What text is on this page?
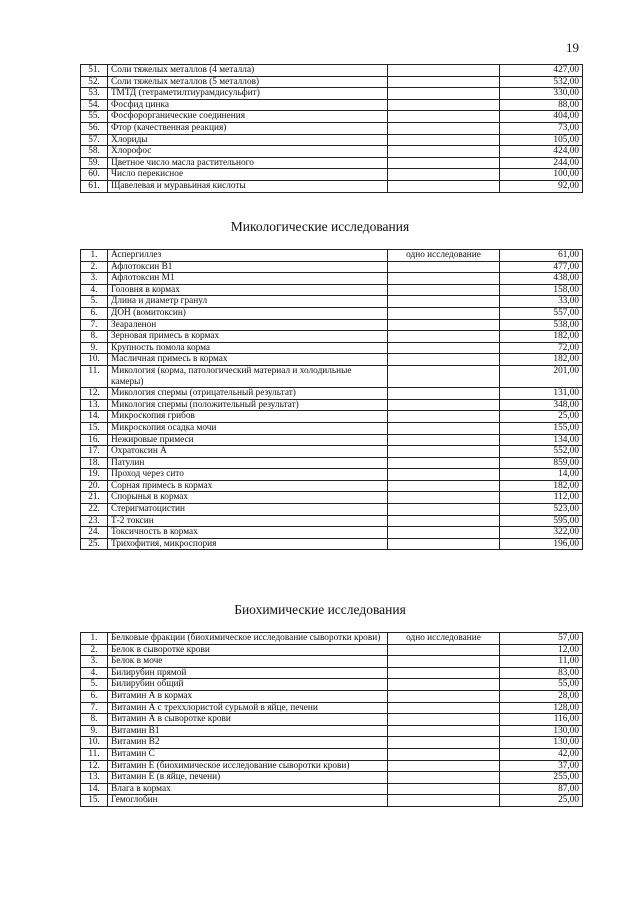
19
51.	Соли тяжелых металлов (4 металла)		427,00
52.	Соли тяжелых металлов (5 металлов)		532,00
53.	ТМТД (тетраметилтиурамдисульфит)		330,00
54.	Фосфид цинка		88,00
55.	Фосфорорганические соединения		404,00
56.	Фтор (качественная реакция)		73,00
57.	Хлориды		105,00
58.	Хлорофос		424,00
59.	Цветное число масла растительного		244,00
60.	Число перекисное		100,00
61.	Щавелевая и муравьиная кислоты		92,00
Микологические исследования
1.	Аспергиллез	одно исследование	61,00
2.	Афлотоксин В1		477,00
3.	Афлотоксин М1		438,00
4.	Головня в кормах		158,00
5.	Длина и диаметр гранул		33,00
6.	ДОН (вомитоксин)		557,00
7.	Зеараленон		538,00
8.	Зерновая примесь в кормах		182,00
9.	Крупность помола корма		72,00
10.	Масличная примесь в кормах		182,00
11.	Микология (корма, патологический материал и холодильные камеры)		201,00
12.	Микология спермы (отрицательный результат)		131,00
13.	Микология спермы (положительный результат)		348,00
14.	Микроскопия грибов		25,00
15.	Микроскопия осадка мочи		155,00
16.	Нежировые примеси		134,00
17.	Охратоксин А		552,00
18.	Патулин		859,00
19.	Проход через сито		14,00
20.	Сорная примесь в кормах		182,00
21.	Спорынья в кормах		112,00
22.	Стеригматоцистин		523,00
23.	Т-2 токсин		595,00
24.	Токсичность в кормах		322,00
25.	Трихофития, микроспория		196,00
Биохимические исследования
1.	Белковые фракции (биохимическое исследование сыворотки крови)	одно исследование	57,00
2.	Белок в сыворотке крови		12,00
3.	Белок в моче		11,00
4.	Билирубин прямой		83,00
5.	Билирубин общий		55,00
6.	Витамин А в кормах		28,00
7.	Витамин А с треххлористой сурьмой в яйце, печени		128,00
8.	Витамин А в сыворотке крови		116,00
9.	Витамин В1		130,00
10.	Витамин В2		130,00
11.	Витамин С		42,00
12.	Витамин Е (биохимическое исследование сыворотки крови)		37,00
13.	Витамин Е (в яйце, печени)		255,00
14.	Влага в кормах		87,00
15.	Гемоглобин		25,00
